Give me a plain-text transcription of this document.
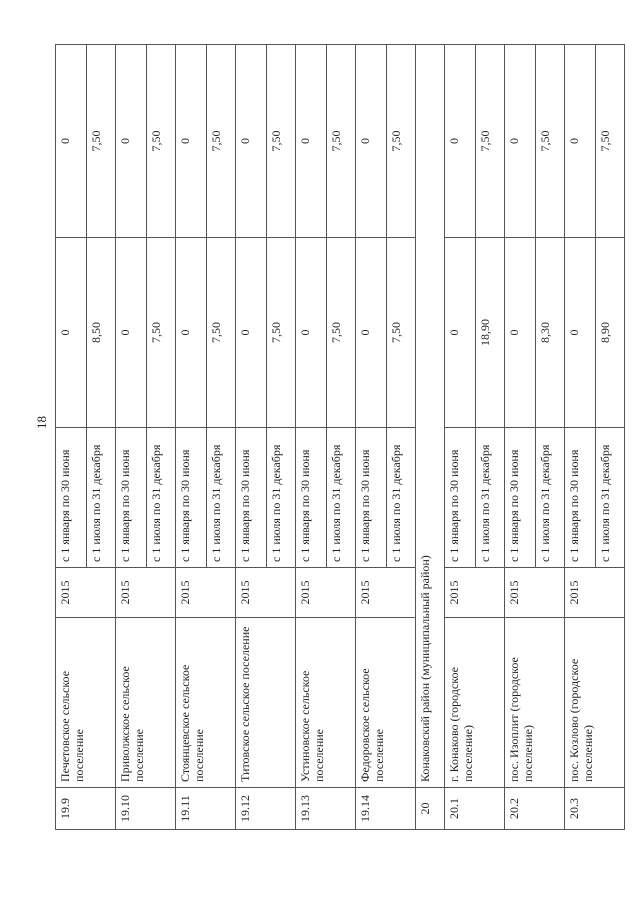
18
19.9	Печетовское сельское поселение	2015	с 1 января по 30 июня	0	0
			с 1 июля по 31 декабря	8,50	7,50
19.10	Приволжское сельское поселение	2015	с 1 января по 30 июня	0	0
			с 1 июля по 31 декабря	7,50	7,50
19.11	Стоянцевское сельское поселение	2015	с 1 января по 30 июня	0	0
			с 1 июля по 31 декабря	7,50	7,50
19.12	Титовское сельское поселение	2015	с 1 января по 30 июня	0	0
			с 1 июля по 31 декабря	7,50	7,50
19.13	Устиновское сельское поселение	2015	с 1 января по 30 июня	0	0
			с 1 июля по 31 декабря	7,50	7,50
19.14	Федоровское сельское поселение	2015	с 1 января по 30 июня	0	0
			с 1 июля по 31 декабря	7,50	7,50
20	Конаковский район (муниципальный район)				
20.1	г. Конаково (городское поселение)	2015	с 1 января по 30 июня	0	0
			с 1 июля по 31 декабря	18,90	7,50
20.2	пос. Изоплит (городское поселение)	2015	с 1 января по 30 июня	0	0
			с 1 июля по 31 декабря	8,30	7,50
20.3	пос. Козлово (городское поселение)	2015	с 1 января по 30 июня	0	0
			с 1 июля по 31 декабря	8,90	7,50
